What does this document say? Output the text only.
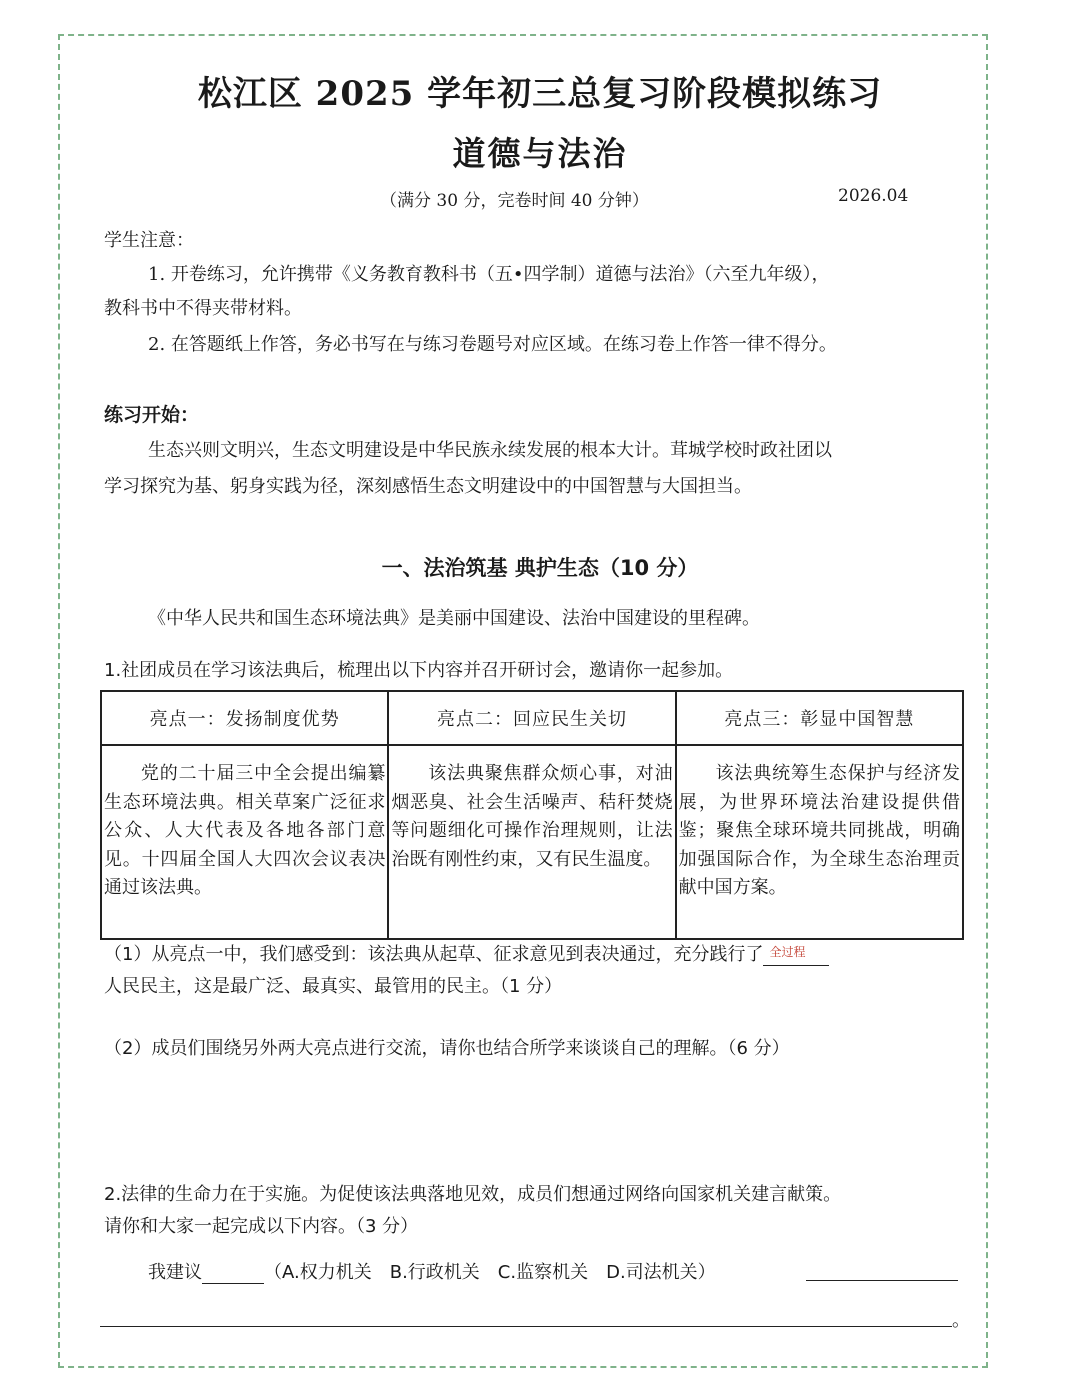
松江区 2025 学年初三总复习阶段模拟练习
道德与法治
（满分 30 分，完卷时间 40 分钟）	2026.04
学生注意：
1. 开卷练习，允许携带《义务教育教科书（五•四学制）道德与法治》（六至九年级），
教科书中不得夹带材料。
2. 在答题纸上作答，务必书写在与练习卷题号对应区域。在练习卷上作答一律不得分。
练习开始：
生态兴则文明兴，生态文明建设是中华民族永续发展的根本大计。茸城学校时政社团以
学习探究为基、躬身实践为径，深刻感悟生态文明建设中的中国智慧与大国担当。
一、法治筑基 典护生态（10 分）
《中华人民共和国生态环境法典》是美丽中国建设、法治中国建设的里程碑。
1.社团成员在学习该法典后，梳理出以下内容并召开研讨会，邀请你一起参加。
亮点一：发扬制度优势	亮点二：回应民生关切	亮点三：彰显中国智慧
党的二十届三中全会提出编纂生态环境法典。相关草案广泛征求公众、人大代表及各地各部门意见。十四届全国人大四次会议表决通过该法典。	该法典聚焦群众烦心事，对油烟恶臭、社会生活噪声、秸秆焚烧等问题细化可操作治理规则，让法治既有刚性约束，又有民生温度。	该法典统筹生态保护与经济发展，为世界环境法治建设提供借鉴；聚焦全球环境共同挑战，明确加强国际合作，为全球生态治理贡献中国方案。
（1）从亮点一中，我们感受到：该法典从起草、征求意见到表决通过，充分践行了 全过程
人民民主，这是最广泛、最真实、最管用的民主。（1 分）
（2）成员们围绕另外两大亮点进行交流，请你也结合所学来谈谈自己的理解。（6 分）
2.法律的生命力在于实施。为促使该法典落地见效，成员们想通过网络向国家机关建言献策。
请你和大家一起完成以下内容。（3 分）
我建议	（A.权力机关　B.行政机关　C.监察机关　D.司法机关）
。
